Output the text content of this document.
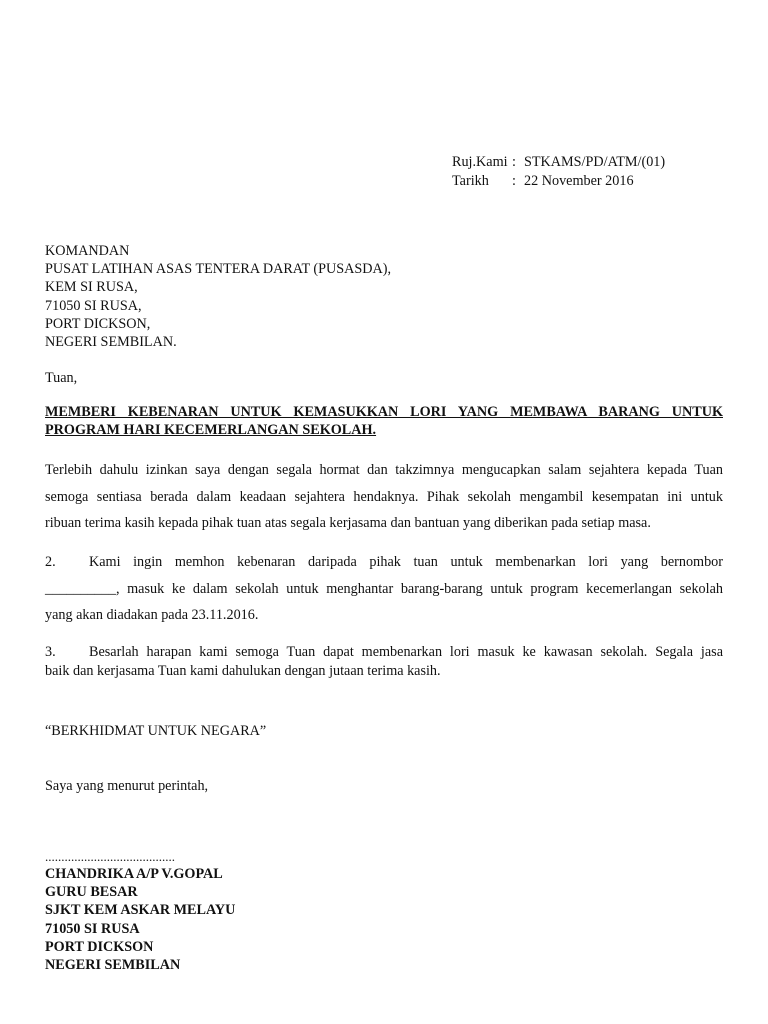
Ruj.Kami : STKAMS/PD/ATM/(01)
Tarikh	: 22 November 2016
KOMANDAN
PUSAT LATIHAN ASAS TENTERA DARAT (PUSASDA),
KEM SI RUSA,
71050 SI RUSA,
PORT DICKSON,
NEGERI SEMBILAN.
Tuan,
MEMBERI KEBENARAN UNTUK KEMASUKKAN LORI YANG MEMBAWA BARANG UNTUK
PROGRAM HARI KECEMERLANGAN SEKOLAH.
Terlebih dahulu izinkan saya dengan segala hormat dan takzimnya mengucapkan salam sejahtera kepada Tuan
semoga sentiasa berada dalam keadaan sejahtera hendaknya. Pihak sekolah mengambil kesempatan ini untuk
ribuan terima kasih kepada pihak tuan atas segala kerjasama dan bantuan yang diberikan pada setiap masa.
2. Kami ingin memhon kebenaran daripada pihak tuan untuk membenarkan lori yang bernombor
__________, masuk ke dalam sekolah untuk menghantar barang-barang untuk program kecemerlangan sekolah
yang akan diadakan pada 23.11.2016.
3. Besarlah harapan kami semoga Tuan dapat membenarkan lori masuk ke kawasan sekolah. Segala jasa
baik dan kerjasama Tuan kami dahulukan dengan jutaan terima kasih.
“BERKHIDMAT UNTUK NEGARA”
Saya yang menurut perintah,
........................................
CHANDRIKA A/P V.GOPAL
GURU BESAR
SJKT KEM ASKAR MELAYU
71050 SI RUSA
PORT DICKSON
NEGERI SEMBILAN
